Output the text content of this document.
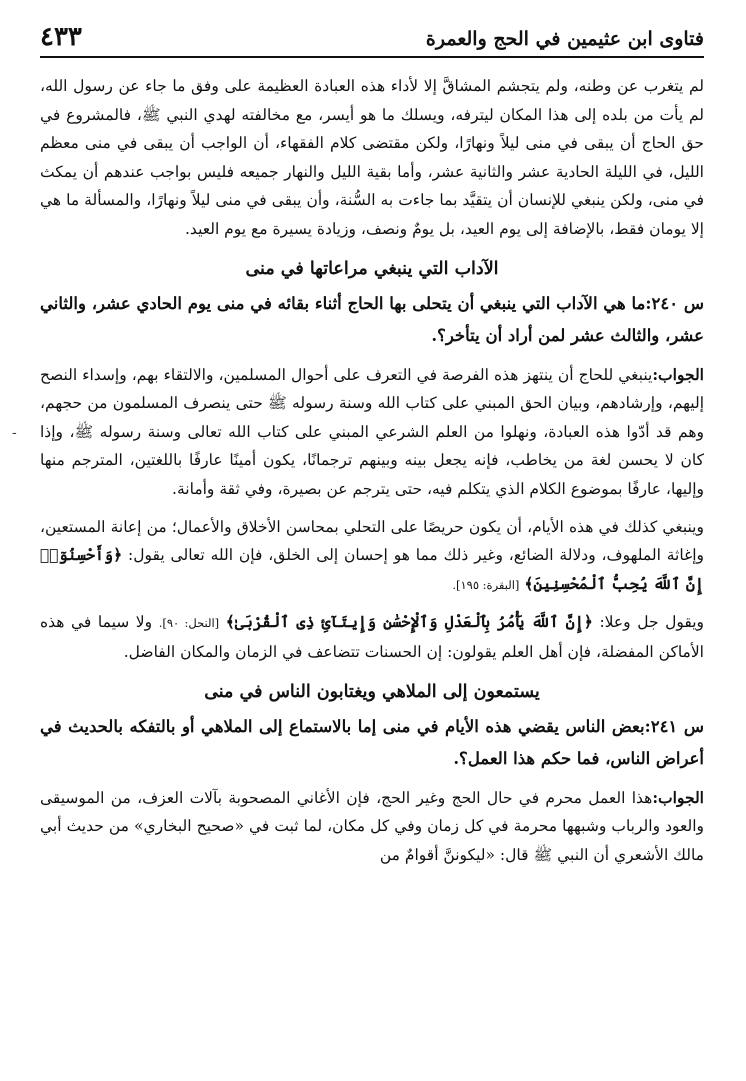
فتاوى ابن عثيمين في الحج والعمرة
٤٣٣

لم يتغرب عن وطنه، ولم يتجشم المشاقَّ إلا لأداء هذه العبادة العظيمة على وفق ما جاء عن رسول الله، لم يأت من بلده إلى هذا المكان ليترفه، ويسلك ما هو أيسر، مع مخالفته لهدي النبي ﷺ، فالمشروع في حق الحاج أن يبقى في منى ليلاً ونهارًا، ولكن مقتضى كلام الفقهاء، أن الواجب أن يبقى في منى معظم الليل، في الليلة الحادية عشر والثانية عشر، وأما بقية الليل والنهار جميعه فليس بواجب عندهم أن يمكث في منى، ولكن ينبغي للإنسان أن يتقيَّد بما جاءت به السُّنة، وأن يبقى في منى ليلاً ونهارًا، والمسألة ما هي إلا يومان فقط، بالإضافة إلى يوم العيد، بل يومٌ ونصف، وزيادة يسيرة مع يوم العيد.

الآداب التي ينبغي مراعاتها في منى

س ٢٤٠:ما هي الآداب التي ينبغي أن يتحلى بها الحاج أثناء بقائه في منى يوم الحادي عشر، والثاني عشر، والثالث عشر لمن أراد أن يتأخر؟.

الجواب:ينبغي للحاج أن ينتهز هذه الفرصة في التعرف على أحوال المسلمين، والالتقاء بهم، وإسداء النصح إليهم، وإرشادهم، وبيان الحق المبني على كتاب الله وسنة رسوله ﷺ حتى ينصرف المسلمون من حجهم، وهم قد أدّوا هذه العبادة، ونهلوا من العلم الشرعي المبني على كتاب الله تعالى وسنة رسوله ﷺ، وإذا كان لا يحسن لغة من يخاطب، فإنه يجعل بينه وبينهم ترجمانًا، يكون أمينًا عارفًا باللغتين، المترجم منها وإليها، عارفًا بموضوع الكلام الذي يتكلم فيه، حتى يترجم عن بصيرة، وفي ثقة وأمانة.

وينبغي كذلك في هذه الأيام، أن يكون حريصًا على التحلي بمحاسن الأخلاق والأعمال؛ من إعانة المستعين، وإغاثة الملهوف، ودلالة الضائع، وغير ذلك مما هو إحسان إلى الخلق، فإن الله تعالى يقول: ﴿وَأَحْسِنُوٓا۟ إِنَّ ٱللَّهَ يُحِبُّ ٱلْمُحْسِنِينَ﴾ [البقرة: ١٩٥].

ويقول جل وعلا: ﴿إِنَّ ٱللَّهَ يَأْمُرُ بِٱلْعَدْلِ وَٱلْإِحْسَٰنِ وَإِيتَآئِ ذِى ٱلْقُرْبَىٰ﴾ [النحل: ٩٠]. ولا سيما في هذه الأماكن المفضلة، فإن أهل العلم يقولون: إن الحسنات تتضاعف في الزمان والمكان الفاضل.

يستمعون إلى الملاهي ويغتابون الناس في منى

س ٢٤١:بعض الناس يقضي هذه الأيام في منى إما بالاستماع إلى الملاهي أو بالتفكه بالحديث في أعراض الناس، فما حكم هذا العمل؟.

الجواب:هذا العمل محرم في حال الحج وغير الحج، فإن الأغاني المصحوبة بآلات العزف، من الموسيقى والعود والرباب وشبهها محرمة في كل زمان وفي كل مكان، لما ثبت في «صحيح البخاري» من حديث أبي مالك الأشعري أن النبي ﷺ قال: «ليكوننَّ أقوامٌ من

-
